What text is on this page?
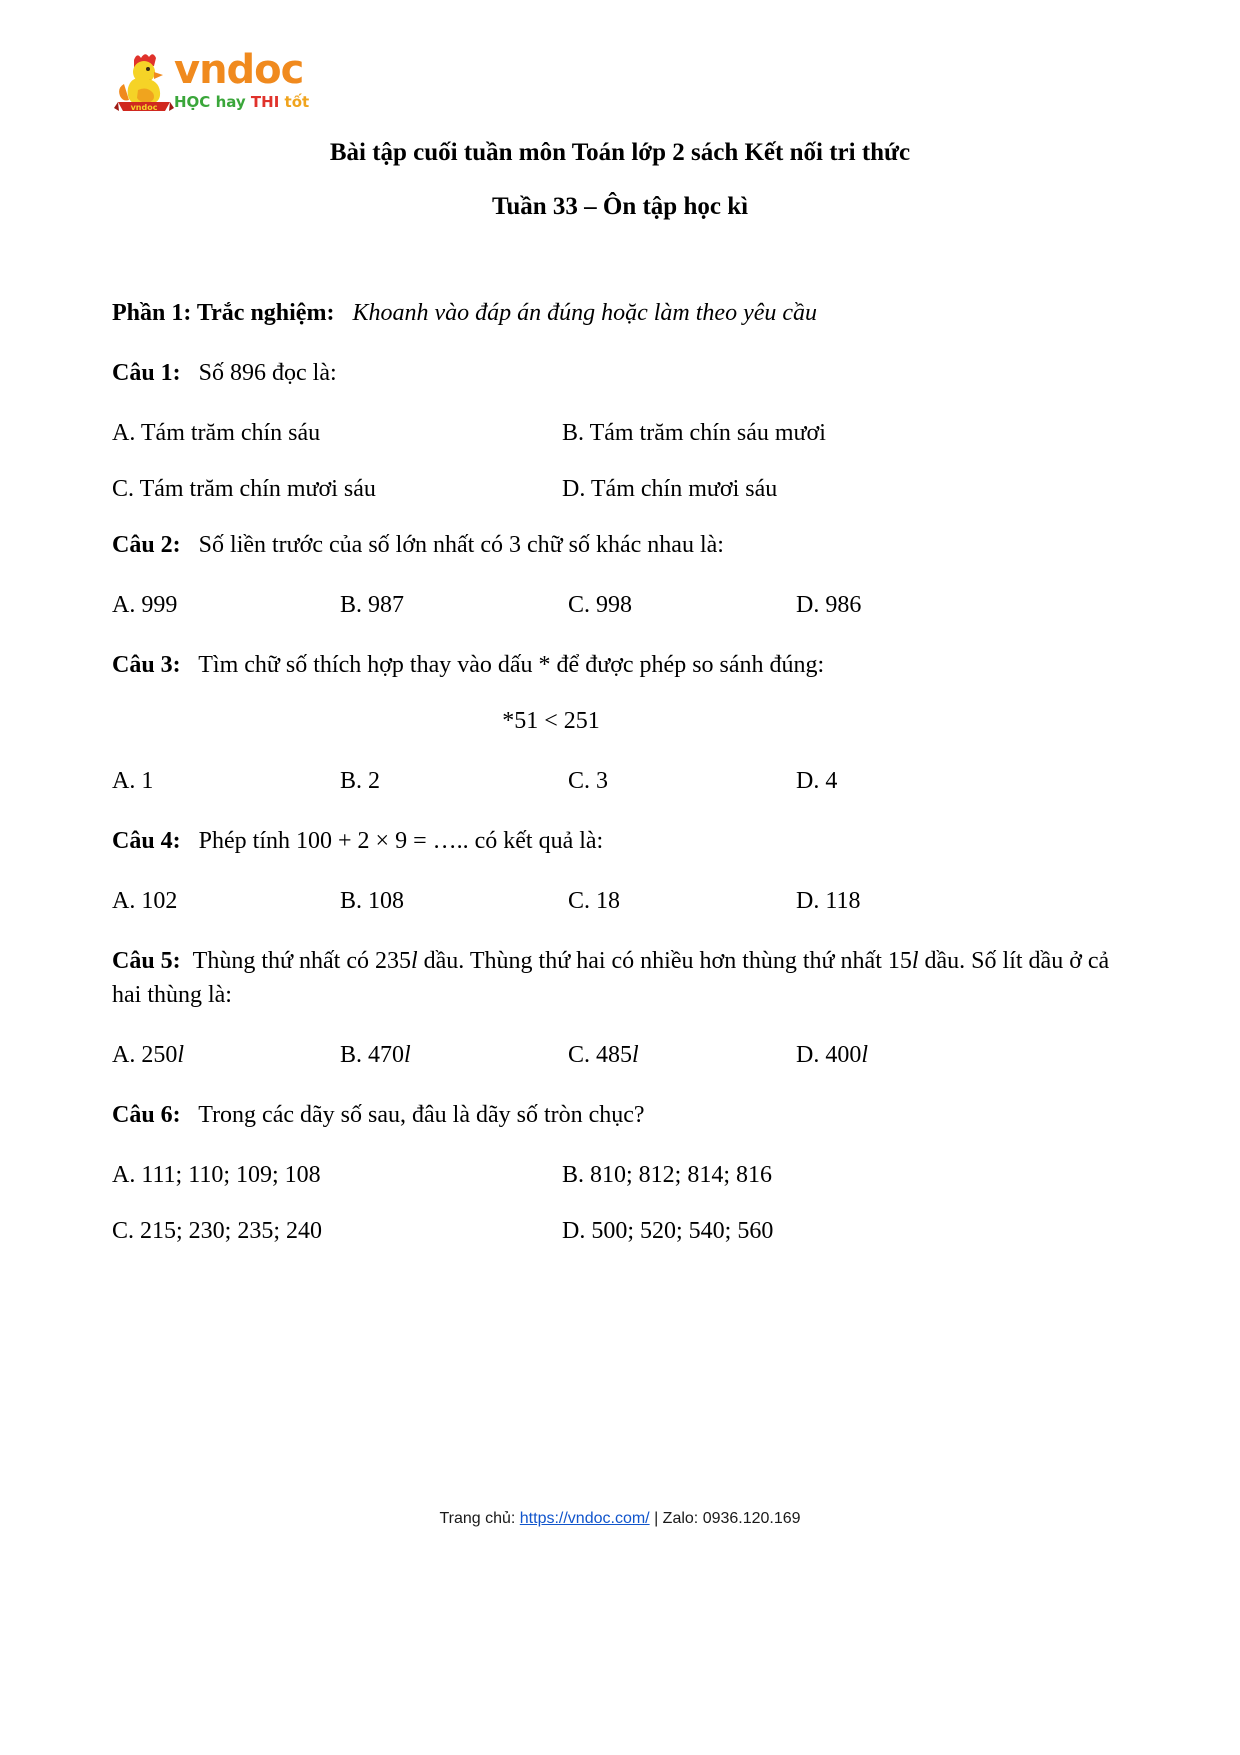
vndoc
vndoc
HỌC hay THI tốt
Bài tập cuối tuần môn Toán lớp 2 sách Kết nối tri thức
Tuần 33 – Ôn tập học kì

Phần 1: Trắc nghiệm: Khoanh vào đáp án đúng hoặc làm theo yêu cầu

Câu 1: Số 896 đọc là:

A. Tám trăm chín sáu	B. Tám trăm chín sáu mươi
C. Tám trăm chín mươi sáu	D. Tám chín mươi sáu

Câu 2: Số liền trước của số lớn nhất có 3 chữ số khác nhau là:

A. 999	B. 987	C. 998	D. 986

Câu 3: Tìm chữ số thích hợp thay vào dấu * để được phép so sánh đúng:

*51 < 251
A. 1	B. 2	C. 3	D. 4

Câu 4: Phép tính 100 + 2 × 9 = ….. có kết quả là:

A. 102	B. 108	C. 18	D. 118

Câu 5: Thùng thứ nhất có 235l dầu. Thùng thứ hai có nhiều hơn thùng thứ nhất 15l dầu. Số lít dầu ở cả hai thùng là:

A. 250l	B. 470l	C. 485l	D. 400l

Câu 6: Trong các dãy số sau, đâu là dãy số tròn chục?

A. 111; 110; 109; 108	B. 810; 812; 814; 816
C. 215; 230; 235; 240	D. 500; 520; 540; 560
Trang chủ: https://vndoc.com/ | Zalo: 0936.120.169
